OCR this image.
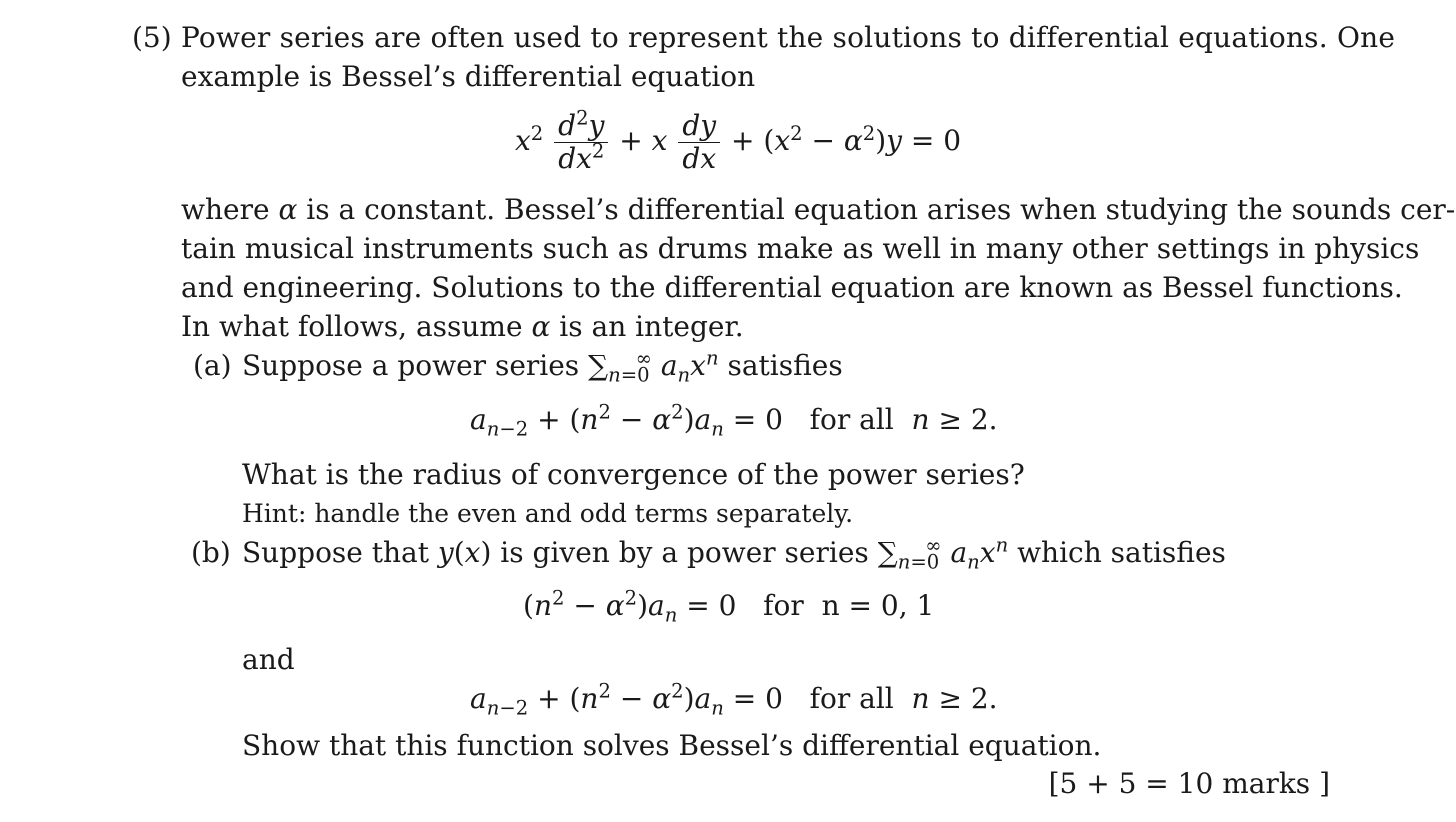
(5) Power series are often used to represent the solutions to differential equations. One
example is Bessel’s differential equation
$x^2 \frac{d^2y}{dx^2} + x \frac{dy}{dx} + (x^2 - \alpha^2)y = 0$
where α is a constant. Bessel’s differential equation arises when studying the sounds cer-
tain musical instruments such as drums make as well in many other settings in physics
and engineering. Solutions to the differential equation are known as Bessel functions.
In what follows, assume α is an integer.
(a) Suppose a power series $\sum_{n=0}^\infty$ $a_nx^n$ satisfies
$a_{n-2} + (n^2 - \alpha^2)a_n = 0$   for all n ≥ 2.
What is the radius of convergence of the power series?
Hint: handle the even and odd terms separately.
(b) Suppose that y(x) is given by a power series $\sum_{n=0}^\infty$ $a_nx^n$ which satisfies
$(n^2 - \alpha^2)a_n = 0$   for n = 0, 1
and
$a_{n-2} + (n^2 - \alpha^2)a_n = 0$   for all n ≥ 2.
Show that this function solves Bessel’s differential equation.
[5 + 5 = 10 marks ]
